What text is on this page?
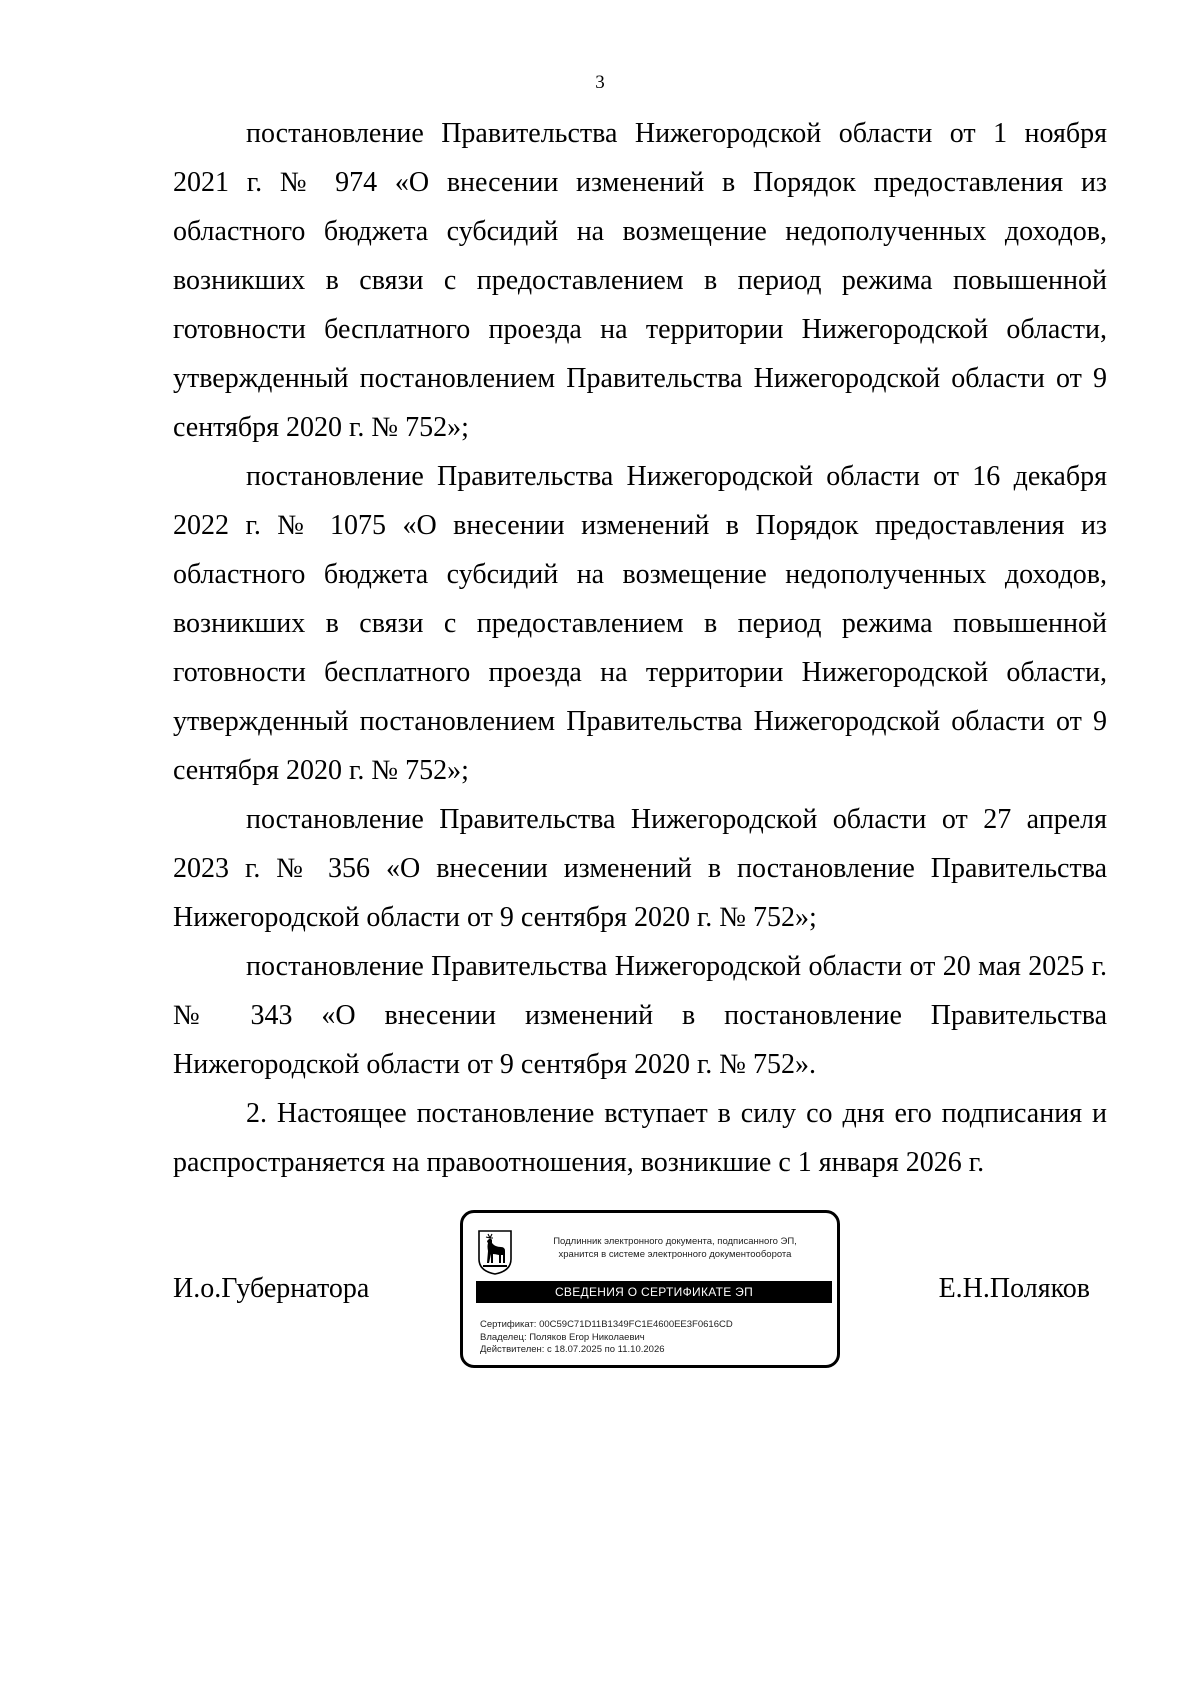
3

постановление Правительства Нижегородской области от 1 ноября 2021 г. № 974 «О внесении изменений в Порядок предоставления из областного бюджета субсидий на возмещение недополученных доходов, возникших в связи с предоставлением в период режима повышенной готовности бесплатного проезда на территории Нижегородской области, утвержденный постановлением Правительства Нижегородской области от 9 сентября 2020 г. № 752»;

постановление Правительства Нижегородской области от 16 декабря 2022 г. № 1075 «О внесении изменений в Порядок предоставления из областного бюджета субсидий на возмещение недополученных доходов, возникших в связи с предоставлением в период режима повышенной готовности бесплатного проезда на территории Нижегородской области, утвержденный постановлением Правительства Нижегородской области от 9 сентября 2020 г. № 752»;

постановление Правительства Нижегородской области от 27 апреля 2023 г. № 356 «О внесении изменений в постановление Правительства Нижегородской области от 9 сентября 2020 г. № 752»;

постановление Правительства Нижегородской области от 20 мая 2025 г. № 343 «О внесении изменений в постановление Правительства Нижегородской области от 9 сентября 2020 г. № 752».

2. Настоящее постановление вступает в силу со дня его подписания и распространяется на правоотношения, возникшие с 1 января 2026 г.

И.о.Губернатора	Е.Н.Поляков
Подлинник электронного документа, подписанного ЭП,
хранится в системе электронного документооборота
СВЕДЕНИЯ О СЕРТИФИКАТЕ ЭП
Сертификат: 00C59C71D11B1349FC1E4600EE3F0616CD
Владелец: Поляков Егор Николаевич
Действителен: с 18.07.2025 по 11.10.2026
